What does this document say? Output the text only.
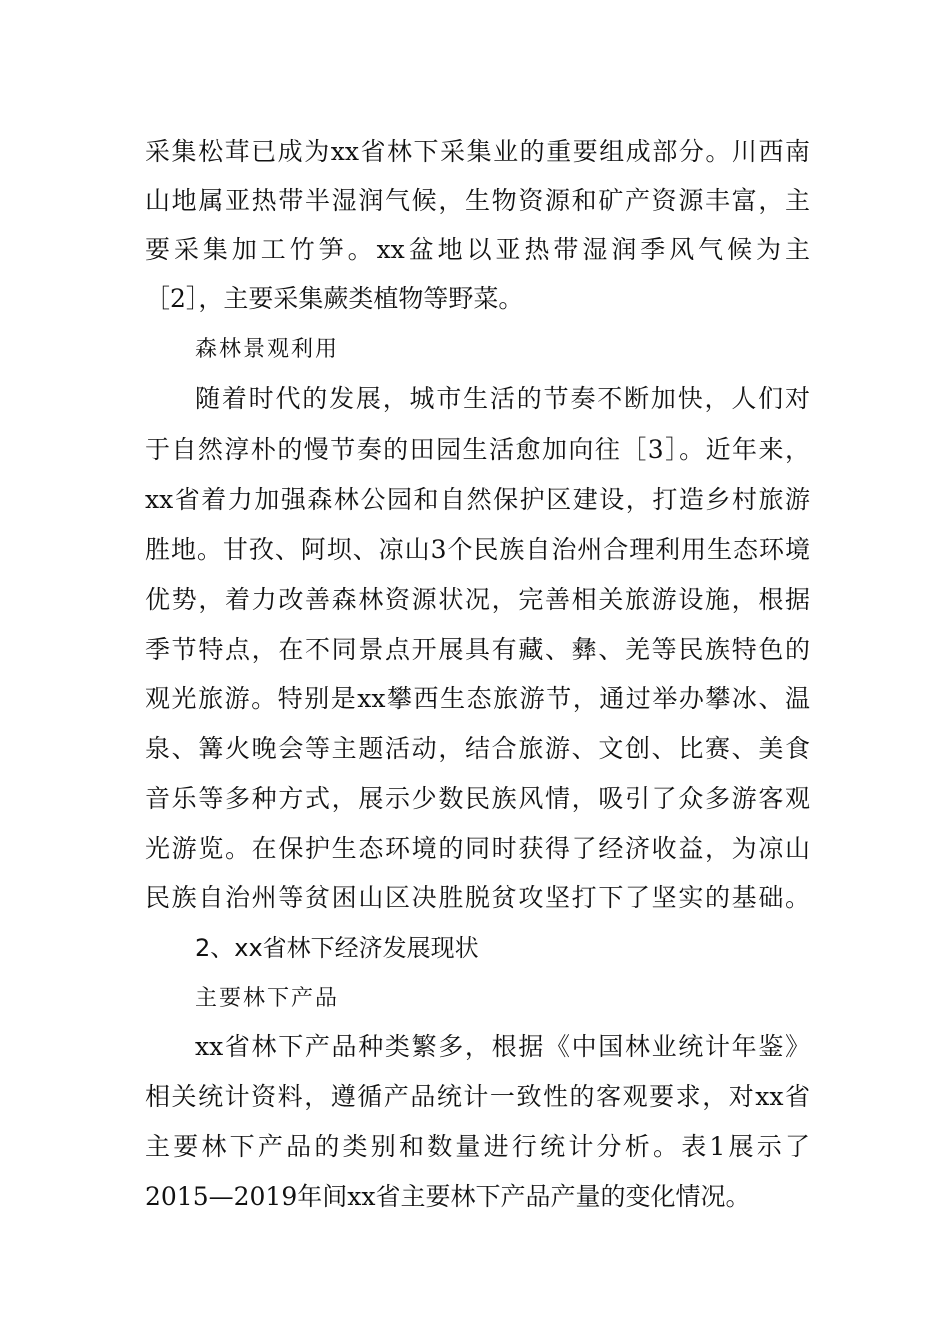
采集松茸已成为xx省林下采集业的重要组成部分。川西南

山地属亚热带半湿润气候，生物资源和矿产资源丰富，主

要采集加工竹笋。xx盆地以亚热带湿润季风气候为主

［2］，主要采集蕨类植物等野菜。

森林景观利用

随着时代的发展，城市生活的节奏不断加快，人们对

于自然淳朴的慢节奏的田园生活愈加向往［3］。近年来，

xx省着力加强森林公园和自然保护区建设，打造乡村旅游

胜地。甘孜、阿坝、凉山3个民族自治州合理利用生态环境

优势，着力改善森林资源状况，完善相关旅游设施，根据

季节特点，在不同景点开展具有藏、彝、羌等民族特色的

观光旅游。特别是xx攀西生态旅游节，通过举办攀冰、温

泉、篝火晚会等主题活动，结合旅游、文创、比赛、美食

音乐等多种方式，展示少数民族风情，吸引了众多游客观

光游览。在保护生态环境的同时获得了经济收益，为凉山

民族自治州等贫困山区决胜脱贫攻坚打下了坚实的基础。

2、xx省林下经济发展现状

主要林下产品

xx省林下产品种类繁多，根据《中国林业统计年鉴》

相关统计资料，遵循产品统计一致性的客观要求，对xx省

主要林下产品的类别和数量进行统计分析。表1展示了

2015—2019年间xx省主要林下产品产量的变化情况。
